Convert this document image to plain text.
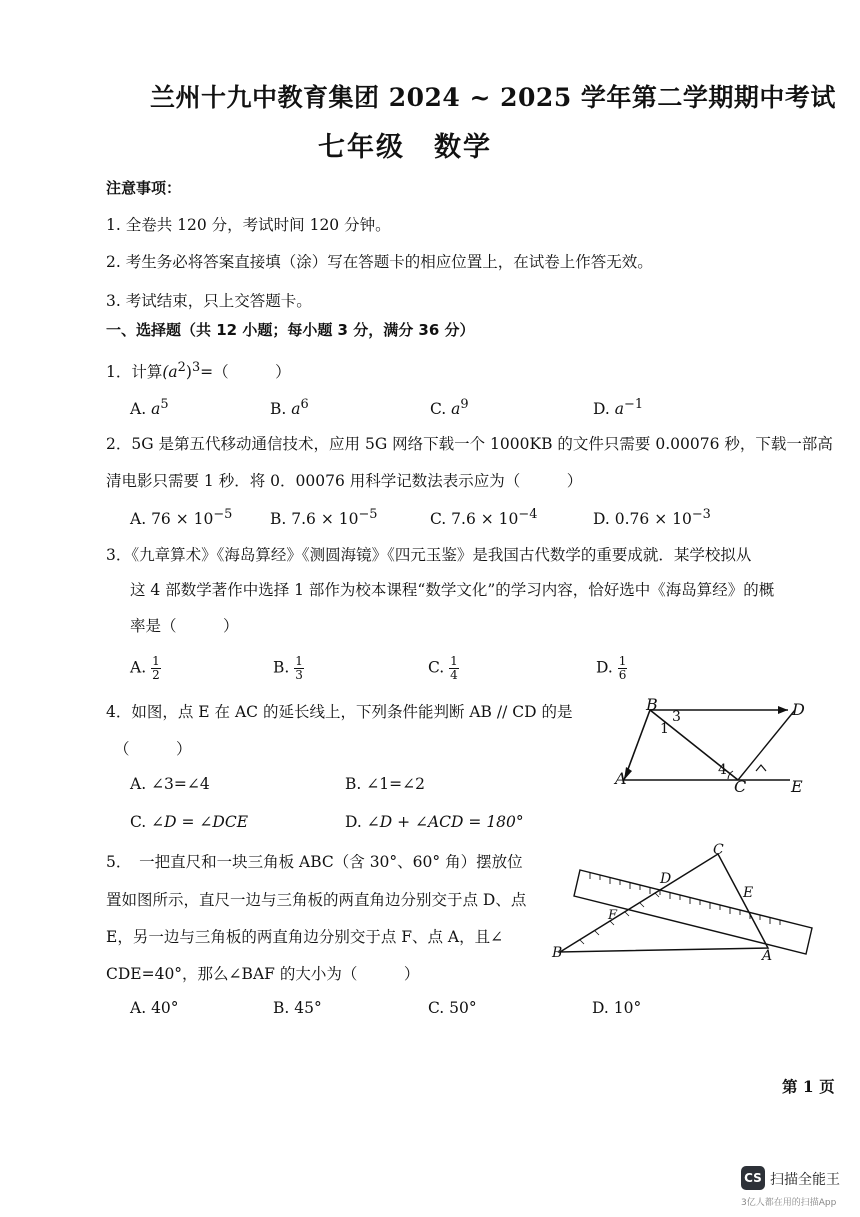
兰州十九中教育集团 2024 ~ 2025 学年第二学期期中考试
七年级　数学
注意事项：
1. 全卷共 120 分，考试时间 120 分钟。
2. 考生务必将答案直接填（涂）写在答题卡的相应位置上，在试卷上作答无效。
3. 考试结束，只上交答题卡。
一、选择题（共 12 小题；每小题 3 分，满分 36 分）
1．计算$(a^2)^3=$（　　　）
A. $a^5$	B. $a^6$	C. $a^9$	D. $a^{-1}$
2．5G 是第五代移动通信技术，应用 5G 网络下载一个 1000KB 的文件只需要 0.00076 秒，下载一部高
清电影只需要 1 秒．将 0．00076 用科学记数法表示应为（　　　）
A. $76 \times 10^{-5}$ B. $7.6 \times 10^{-5}$	C. $7.6 \times 10^{-4}$	D. $0.76 \times 10^{-3}$
3．《九章算术》《海岛算经》《测圆海镜》《四元玉鉴》是我国古代数学的重要成就．某学校拟从
这 4 部数学著作中选择 1 部作为校本课程“数学文化”的学习内容，恰好选中《海岛算经》的概
率是（　　　）
A. $\frac{1}{2}$	B. $\frac{1}{3}$	C. $\frac{1}{4}$	D. $\frac{1}{6}$
4．如图，点 E 在 AC 的延长线上，下列条件能判断 AB // CD 的是
（　　　）
A. ∠3=∠4	B. ∠1=∠2
C. ∠D = ∠DCE	D. ∠D + ∠ACD = 180°
B	D
A	C	E
1
3
4
5．　一把直尺和一块三角板 ABC（含 30°、60° 角）摆放位
置如图所示，直尺一边与三角板的两直角边分别交于点 D、点
E，另一边与三角板的两直角边分别交于点 F、点 A，且∠
CDE=40°，那么∠BAF 的大小为（　　　）
A. 40°	B. 45°	C. 50°	D. 10°
D
C
E
F
B	A
第 1 页
CS 扫描全能王
3亿人都在用的扫描App
